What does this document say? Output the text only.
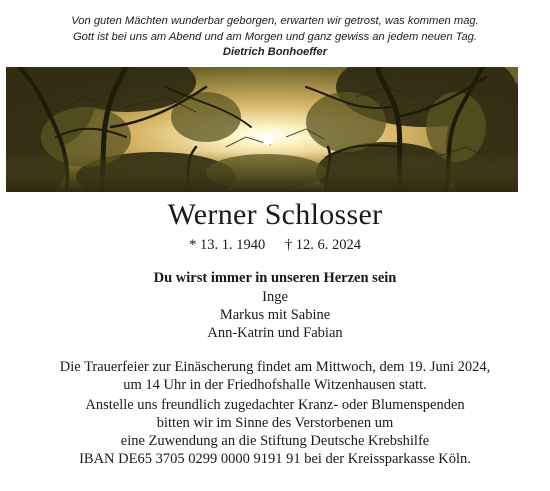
Von guten Mächten wunderbar geborgen, erwarten wir getrost, was kommen mag.
Gott ist bei uns am Abend und am Morgen und ganz gewiss an jedem neuen Tag.
Dietrich Bonhoeffer
Werner Schlosser
* 13. 1. 1940 † 12. 6. 2024
Du wirst immer in unseren Herzen sein
Inge
Markus mit Sabine
Ann-Katrin und Fabian
Die Trauerfeier zur Einäscherung findet am Mittwoch, dem 19. Juni 2024,
um 14 Uhr in der Friedhofshalle Witzenhausen statt.
Anstelle uns freundlich zugedachter Kranz- oder Blumenspenden
bitten wir im Sinne des Verstorbenen um
eine Zuwendung an die Stiftung Deutsche Krebshilfe
IBAN DE65 3705 0299 0000 9191 91 bei der Kreissparkasse Köln.
